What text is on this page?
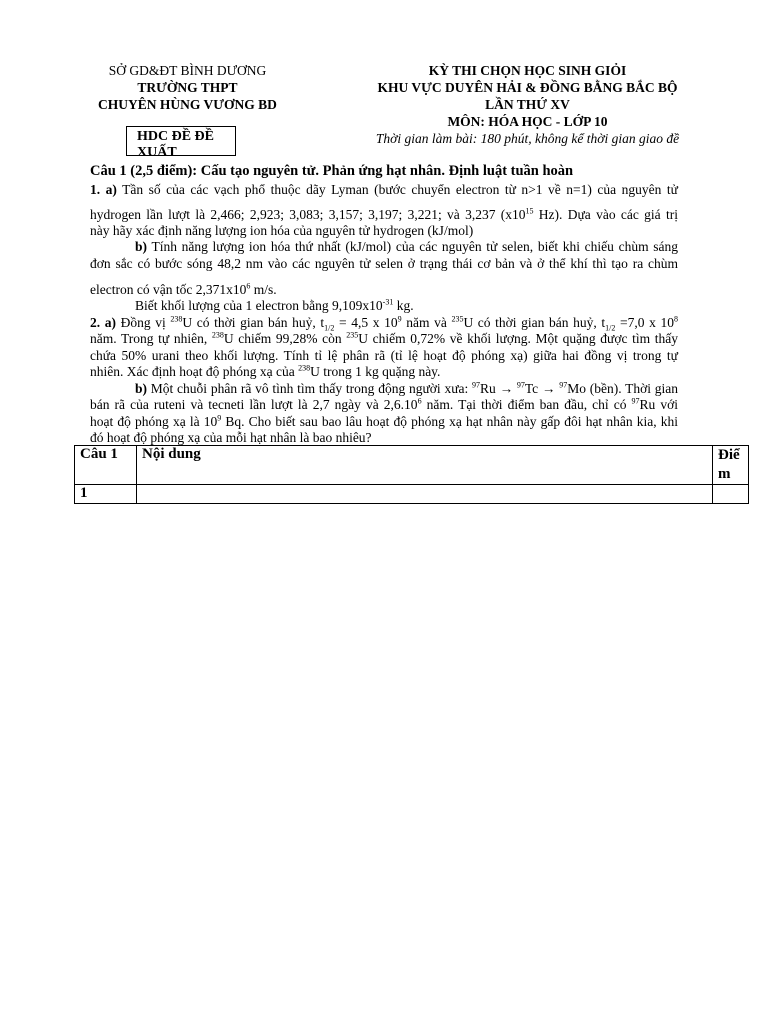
SỞ GD&ĐT BÌNH DƯƠNG
TRƯỜNG THPT
CHUYÊN HÙNG VƯƠNG BD
HDC ĐỀ ĐỀ XUẤT
KỲ THI CHỌN HỌC SINH GIỎI
KHU VỰC DUYÊN HẢI & ĐỒNG BẰNG BẮC BỘ
LẦN THỨ XV
MÔN: HÓA HỌC - LỚP 10
Thời gian làm bài: 180 phút, không kể thời gian giao đề
Câu 1 (2,5 điểm): Cấu tạo nguyên tử. Phản ứng hạt nhân. Định luật tuần hoàn
1. a) Tần số của các vạch phổ thuộc dãy Lyman (bước chuyển electron từ n>1 về n=1) của nguyên tử
hydrogen lần lượt là 2,466; 2,923; 3,083; 3,157; 3,197; 3,221; và 3,237 ($x10^{15}$ Hz). Dựa vào các giá trị
này hãy xác định năng lượng ion hóa của nguyên tử hydrogen (kJ/mol)
b) Tính năng lượng ion hóa thứ nhất (kJ/mol) của các nguyên tử selen, biết khi chiếu chùm sáng
đơn sắc có bước sóng 48,2 nm vào các nguyên tử selen ở trạng thái cơ bản và ở thể khí thì tạo ra chùm
electron có vận tốc $2,371x10^6$ m/s.
Biết khối lượng của 1 electron bằng $9,109x10^{-31}$ kg.
2. a) Đồng vị $^{238}$U có thời gian bán huỷ, $t_{1/2} = 4,5$ x $10^9$ năm và $^{235}$U có thời gian bán huỷ, $t_{1/2} =7,0$ x $10^8$
năm. Trong tự nhiên, $^{238}$U chiếm 99,28% còn $^{235}$U chiếm 0,72% về khối lượng. Một quặng được tìm thấy
chứa 50% urani theo khối lượng. Tính tỉ lệ phân rã (tỉ lệ hoạt độ phóng xạ) giữa hai đồng vị trong tự
nhiên. Xác định hoạt độ phóng xạ của $^{238}$U trong 1 kg quặng này.
b) Một chuỗi phân rã vô tình tìm thấy trong động người xưa: $^{97}$Ru → $^{97}$Tc → $^{97}$Mo (bền). Thời gian
bán rã của ruteni và tecneti lần lượt là 2,7 ngày và 2,6.10$^6$ năm. Tại thời điểm ban đầu, chỉ có $^{97}$Ru với
hoạt độ phóng xạ là $10^9$ Bq. Cho biết sau bao lâu hoạt độ phóng xạ hạt nhân này gấp đôi hạt nhân kia, khi
đó hoạt độ phóng xạ của mỗi hạt nhân là bao nhiêu?
Câu 1	Nội dung	Điểm
1		
